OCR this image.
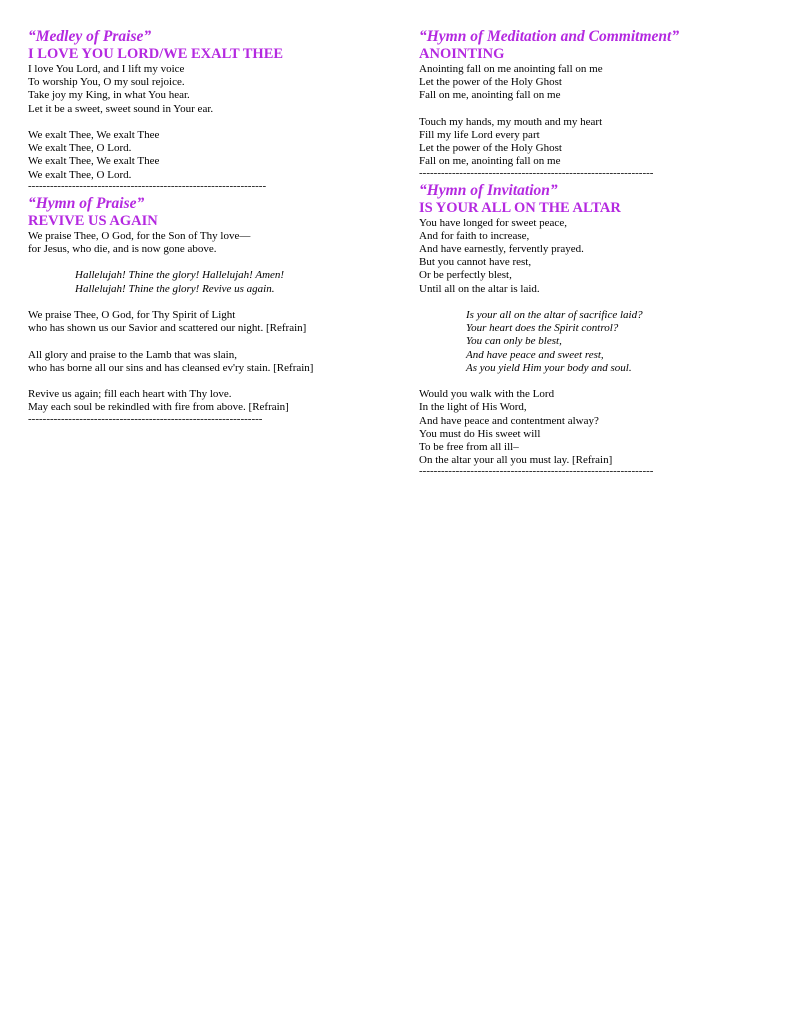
“Medley of Praise”
I LOVE YOU LORD/WE EXALT THEE
I love You Lord, and I lift my voice
To worship You, O my soul rejoice.
Take joy my King, in what You hear.
Let it be a sweet, sweet sound in Your ear.
We exalt Thee, We exalt Thee
We exalt Thee, O Lord.
We exalt Thee, We exalt Thee
We exalt Thee, O Lord.
-----------------------------------------------------------------
“Hymn of Praise”
REVIVE US AGAIN
We praise Thee, O God, for the Son of Thy love—
for Jesus, who die, and is now gone above.
Hallelujah! Thine the glory! Hallelujah! Amen!
Hallelujah! Thine the glory! Revive us again.
We praise Thee, O God, for Thy Spirit of Light
who has shown us our Savior and scattered our night. [Refrain]
All glory and praise to the Lamb that was slain,
who has borne all our sins and has cleansed ev'ry stain. [Refrain]
Revive us again; fill each heart with Thy love.
May each soul be rekindled with fire from above. [Refrain]
----------------------------------------------------------------
“Hymn of Meditation and Commitment”
ANOINTING
Anointing fall on me anointing fall on me
Let the power of the Holy Ghost
Fall on me, anointing fall on me
Touch my hands, my mouth and my heart
Fill my life Lord every part
Let the power of the Holy Ghost
Fall on me, anointing fall on me
----------------------------------------------------------------
“Hymn of Invitation”
IS YOUR ALL ON THE ALTAR
You have longed for sweet peace,
And for faith to increase,
And have earnestly, fervently prayed.
But you cannot have rest,
Or be perfectly blest,
Until all on the altar is laid.
Is your all on the altar of sacrifice laid?
Your heart does the Spirit control?
You can only be blest,
And have peace and sweet rest,
As you yield Him your body and soul.
Would you walk with the Lord
In the light of His Word,
And have peace and contentment alway?
You must do His sweet will
To be free from all ill–
On the altar your all you must lay. [Refrain]
----------------------------------------------------------------
